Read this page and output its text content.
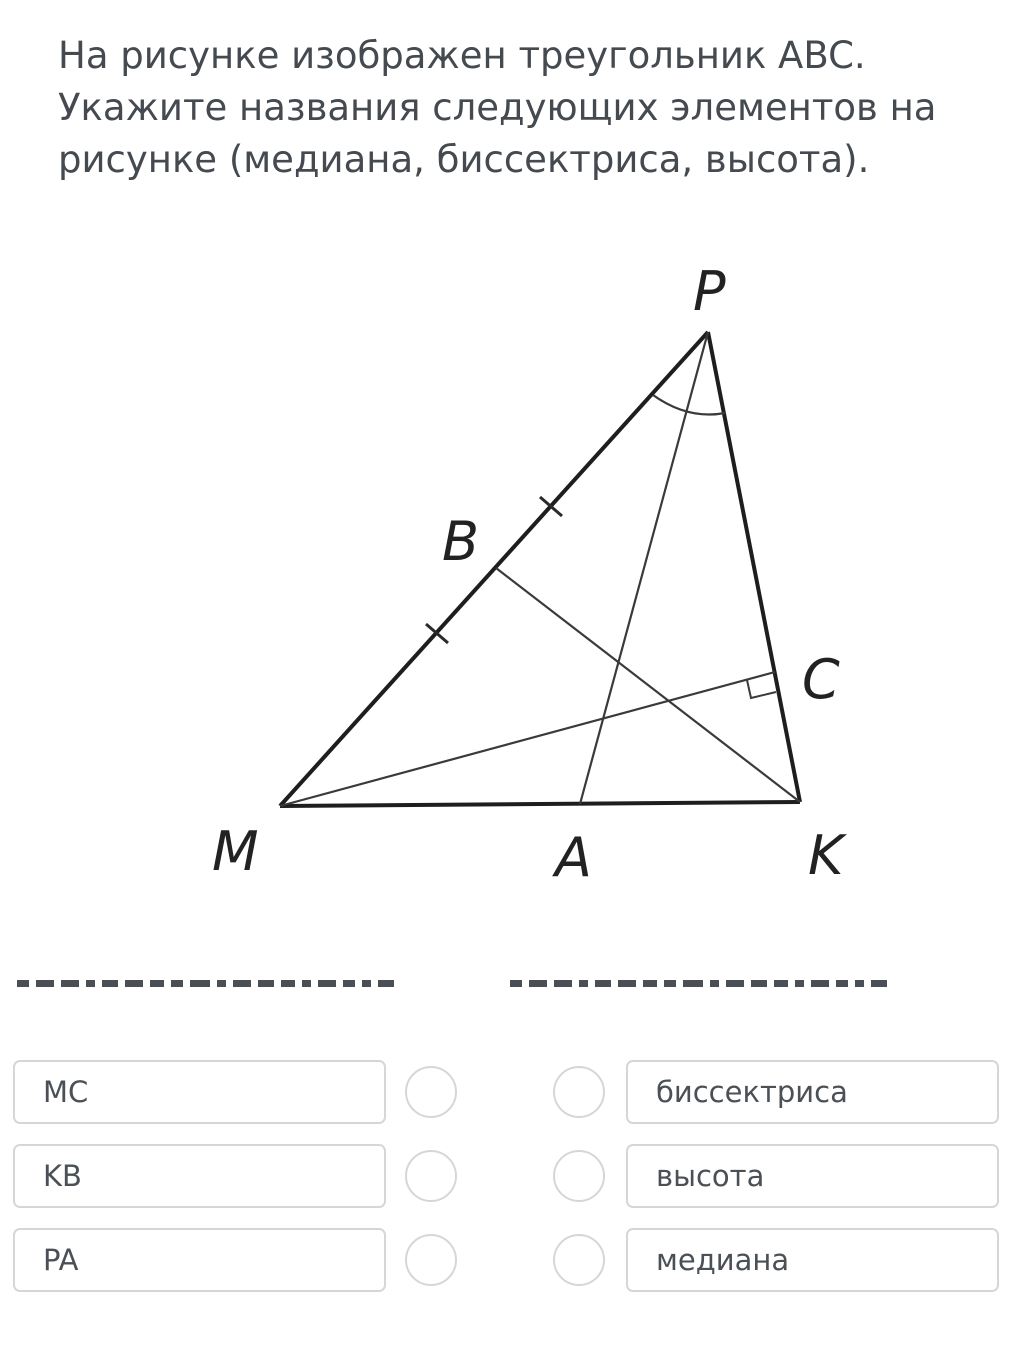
На рисунке изображен треугольник ABC. Укажите названия следующих элементов на рисунке (медиана, биссектриса, высота).

P
B
C
M	A	K
MC	биссектриса
KB	высота
PA	медиана
